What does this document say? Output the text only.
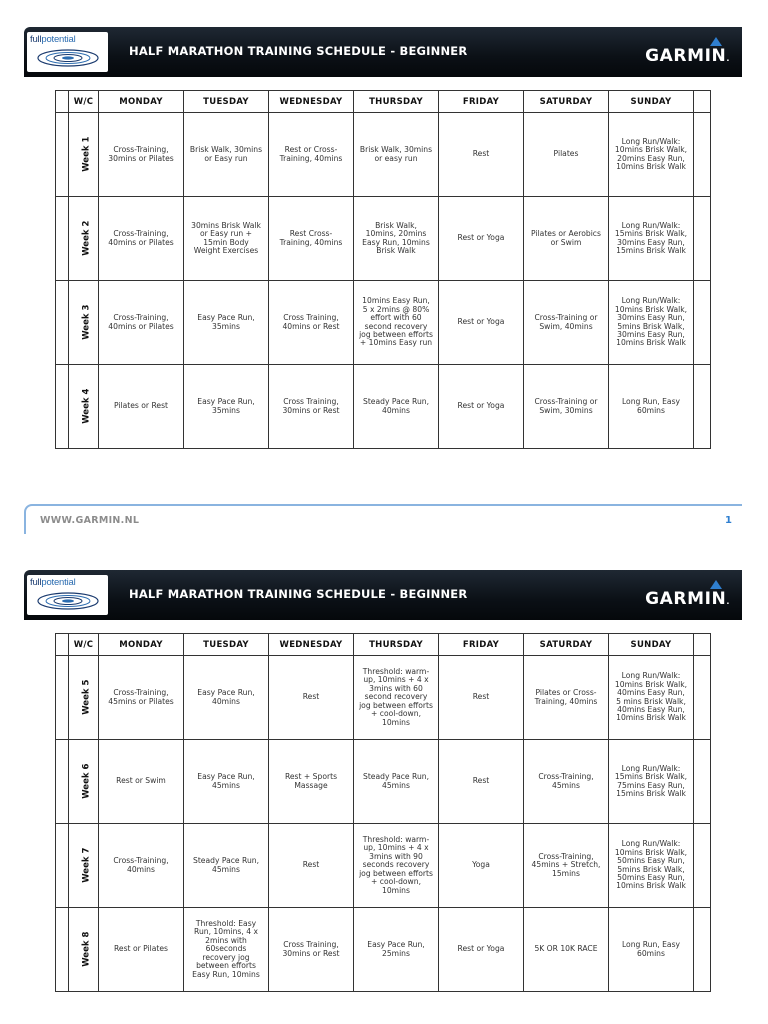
fullpotential
HALF MARATHON TRAINING SCHEDULE - BEGINNER	GARMIN.
	W/C	MONDAY	TUESDAY	WEDNESDAY	THURSDAY	FRIDAY	SATURDAY	SUNDAY	
	Week 1	Cross-Training, 30mins or Pilates	Brisk Walk, 30mins or Easy run	Rest or Cross-Training, 40mins	Brisk Walk, 30mins or easy run	Rest	Pilates	Long Run/Walk: 10mins Brisk Walk, 20mins Easy Run, 10mins Brisk Walk	
	Week 2	Cross-Training, 40mins or Pilates	30mins Brisk Walk or Easy run + 15min Body Weight Exercises	Rest Cross-Training, 40mins	Brisk Walk, 10mins, 20mins Easy Run, 10mins Brisk Walk	Rest or Yoga	Pilates or Aerobics or Swim	Long Run/Walk: 15mins Brisk Walk, 30mins Easy Run, 15mins Brisk Walk	
	Week 3	Cross-Training, 40mins or Pilates	Easy Pace Run, 35mins	Cross Training, 40mins or Rest	10mins Easy Run, 5 x 2mins @ 80% effort with 60 second recovery jog between efforts + 10mins Easy run	Rest or Yoga	Cross-Training or Swim, 40mins	Long Run/Walk: 10mins Brisk Walk, 30mins Easy Run, 5mins Brisk Walk, 30mins Easy Run, 10mins Brisk Walk	
	Week 4	Pilates or Rest	Easy Pace Run, 35mins	Cross Training, 30mins or Rest	Steady Pace Run, 40mins	Rest or Yoga	Cross-Training or Swim, 30mins	Long Run, Easy 60mins	
WWW.GARMIN.NL	1
fullpotential
HALF MARATHON TRAINING SCHEDULE - BEGINNER	GARMIN.
	W/C	MONDAY	TUESDAY	WEDNESDAY	THURSDAY	FRIDAY	SATURDAY	SUNDAY	
	Week 5	Cross-Training, 45mins or Pilates	Easy Pace Run, 40mins	Rest	Threshold: warm-up, 10mins + 4 x 3mins with 60 second recovery jog between efforts + cool-down, 10mins	Rest	Pilates or Cross-Training, 40mins	Long Run/Walk: 10mins Brisk Walk, 40mins Easy Run, 5 mins Brisk Walk, 40mins Easy Run, 10mins Brisk Walk	
	Week 6	Rest or Swim	Easy Pace Run, 45mins	Rest + Sports Massage	Steady Pace Run, 45mins	Rest	Cross-Training, 45mins	Long Run/Walk: 15mins Brisk Walk, 75mins Easy Run, 15mins Brisk Walk	
	Week 7	Cross-Training, 40mins	Steady Pace Run, 45mins	Rest	Threshold: warm-up, 10mins + 4 x 3mins with 90 seconds recovery jog between efforts + cool-down, 10mins	Yoga	Cross-Training, 45mins + Stretch, 15mins	Long Run/Walk: 10mins Brisk Walk, 50mins Easy Run, 5mins Brisk Walk, 50mins Easy Run, 10mins Brisk Walk	
	Week 8	Rest or Pilates	Threshold: Easy Run, 10mins, 4 x 2mins with 60seconds recovery jog between efforts Easy Run, 10mins	Cross Training, 30mins or Rest	Easy Pace Run, 25mins	Rest or Yoga	5K OR 10K RACE	Long Run, Easy 60mins	
